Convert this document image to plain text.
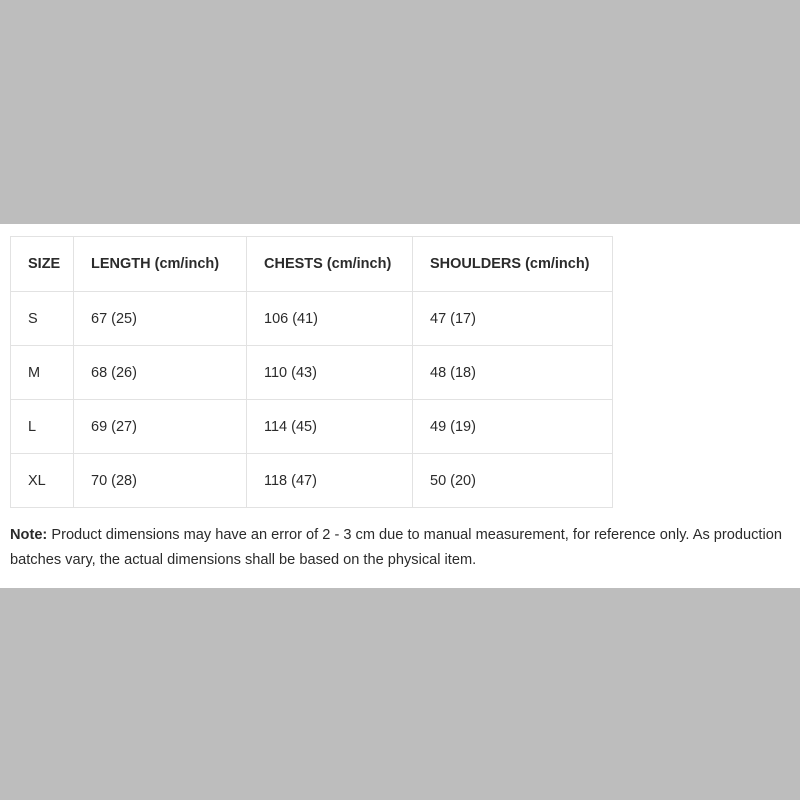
SIZE	LENGTH (cm/inch)	CHESTS (cm/inch)	SHOULDERS (cm/inch)
S	67 (25)	106 (41)	47 (17)
M	68 (26)	110 (43)	48 (18)
L	69 (27)	114 (45)	49 (19)
XL	70 (28)	118 (47)	50 (20)
Note: Product dimensions may have an error of 2 - 3 cm due to manual measurement, for reference only. As production batches vary, the actual dimensions shall be based on the physical item.
